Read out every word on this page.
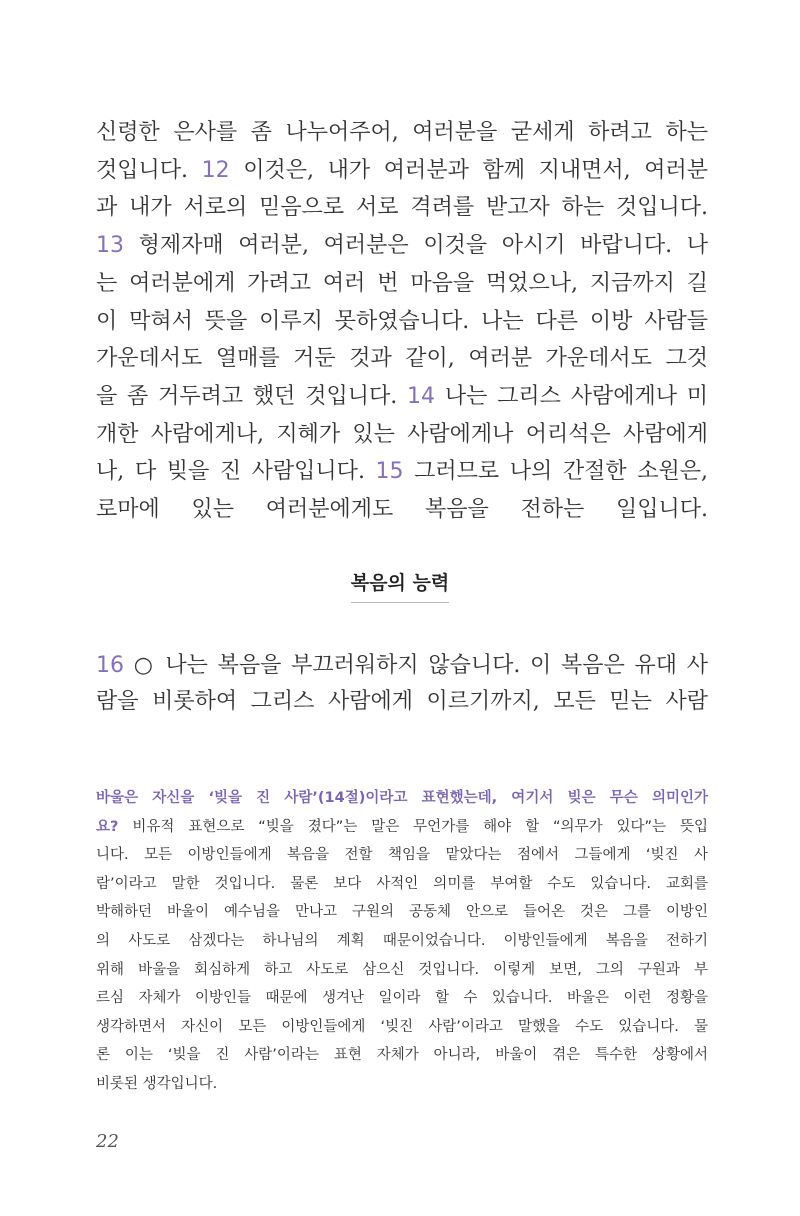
신령한 은사를 좀 나누어주어, 여러분을 굳세게 하려고 하는
것입니다. 12 이것은, 내가 여러분과 함께 지내면서, 여러분
과 내가 서로의 믿음으로 서로 격려를 받고자 하는 것입니다.
13 형제자매 여러분, 여러분은 이것을 아시기 바랍니다. 나
는 여러분에게 가려고 여러 번 마음을 먹었으나, 지금까지 길
이 막혀서 뜻을 이루지 못하였습니다. 나는 다른 이방 사람들
가운데서도 열매를 거둔 것과 같이, 여러분 가운데서도 그것
을 좀 거두려고 했던 것입니다. 14 나는 그리스 사람에게나 미
개한 사람에게나, 지혜가 있는 사람에게나 어리석은 사람에게
나, 다 빚을 진 사람입니다. 15 그러므로 나의 간절한 소원은,
로마에 있는 여러분에게도 복음을 전하는 일입니다.
복음의 능력
16 ○ 나는 복음을 부끄러워하지 않습니다. 이 복음은 유대 사
람을 비롯하여 그리스 사람에게 이르기까지, 모든 믿는 사람
바울은 자신을 ‘빚을 진 사람’(14절)이라고 표현했는데, 여기서 빚은 무슨 의미인가
요? 비유적 표현으로 “빚을 졌다”는 말은 무언가를 해야 할 “의무가 있다”는 뜻입
니다. 모든 이방인들에게 복음을 전할 책임을 맡았다는 점에서 그들에게 ‘빚진 사
람’이라고 말한 것입니다. 물론 보다 사적인 의미를 부여할 수도 있습니다. 교회를
박해하던 바울이 예수님을 만나고 구원의 공동체 안으로 들어온 것은 그를 이방인
의 사도로 삼겠다는 하나님의 계획 때문이었습니다. 이방인들에게 복음을 전하기
위해 바울을 회심하게 하고 사도로 삼으신 것입니다. 이렇게 보면, 그의 구원과 부
르심 자체가 이방인들 때문에 생겨난 일이라 할 수 있습니다. 바울은 이런 정황을
생각하면서 자신이 모든 이방인들에게 ‘빚진 사람’이라고 말했을 수도 있습니다. 물
론 이는 ‘빚을 진 사람’이라는 표현 자체가 아니라, 바울이 겪은 특수한 상황에서
비롯된 생각입니다.
22
